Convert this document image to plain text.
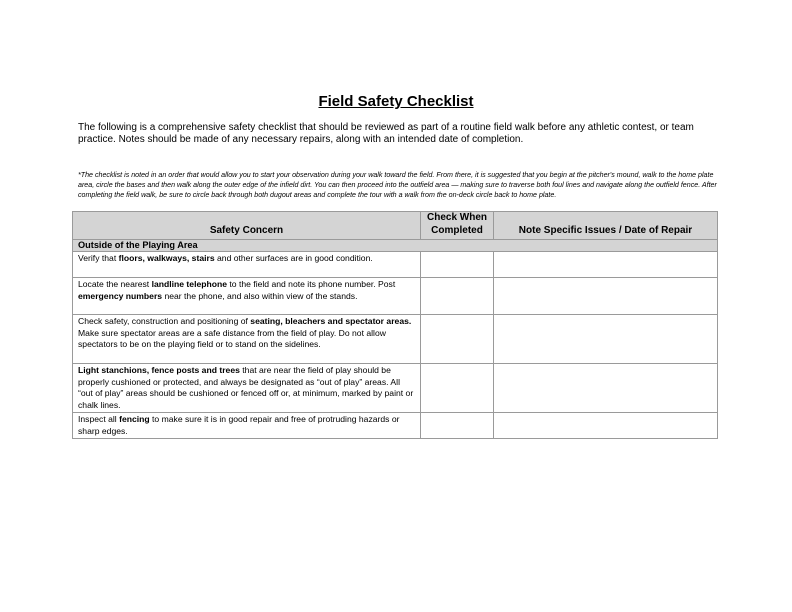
Field Safety Checklist
The following is a comprehensive safety checklist that should be reviewed as part of a routine field walk before any athletic contest, or team practice. Notes should be made of any necessary repairs, along with an intended date of completion.
*The checklist is noted in an order that would allow you to start your observation during your walk toward the field. From there, it is suggested that you begin at the pitcher's mound, walk to the home plate area, circle the bases and then walk along the outer edge of the infield dirt. You can then proceed into the outfield area — making sure to traverse both foul lines and navigate along the outfield fence. After completing the field walk, be sure to circle back through both dugout areas and complete the tour with a walk from the on-deck circle back to home plate.
Safety Concern	Check When Completed	Note Specific Issues / Date of Repair
Outside of the Playing Area		
Verify that floors, walkways, stairs and other surfaces are in good condition.		
Locate the nearest landline telephone to the field and note its phone number. Post emergency numbers near the phone, and also within view of the stands.		
Check safety, construction and positioning of seating, bleachers and spectator areas. Make sure spectator areas are a safe distance from the field of play. Do not allow spectators to be on the playing field or to stand on the sidelines.		
Light stanchions, fence posts and trees that are near the field of play should be properly cushioned or protected, and always be designated as “out of play” areas. All “out of play” areas should be cushioned or fenced off or, at minimum, marked by paint or chalk lines.		
Inspect all fencing to make sure it is in good repair and free of protruding hazards or sharp edges.		
